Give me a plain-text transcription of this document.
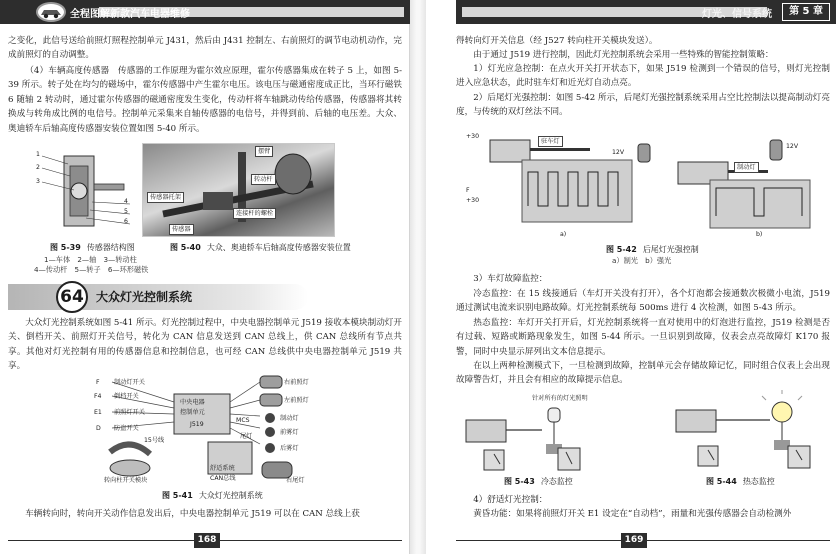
全程图解新款汽车电器维修
之变化，此信号送给前照灯照程控制单元 J431，然后由 J431 控制左、右前照灯的调节电动机动作，完成前照灯的自动调整。
（4）车辆高度传感器　传感器的工作原理为霍尔效应原理，霍尔传感器集成在转子 5 上，如图 5-39 所示。转子处在均匀的磁场中，霍尔传感器中产生霍尔电压。该电压与磁通密度成正比，当环行磁铁 6 随轴 2 转动时，通过霍尔传感器的磁通密度发生变化，传动杆将车轴跳动传给传感器，传感器将其转换成与转角成比例的电信号。控制单元采集来自轴传感器的电信号，并得到前、后轴的电压差。大众、奥迪轿车后轴高度传感器安装位置如图 5-40 所示。
1
2
3
4
5
6
图 5-39 传感器结构图
1—车体　2—轴　3—转动柱
4—传动杆　5—转子　6—环形磁铁
摆臂
转动杆
传感器托架
连接杆的螺栓
传感器
图 5-40 大众、奥迪轿车后轴高度传感器安装位置
64	大众灯光控制系统
大众灯光控制系统如图 5-41 所示。灯光控制过程中，中央电器控制单元 J519 接收本模块制动灯开关、倒档开关、前照灯开关信号，转化为 CAN 信息发送到 CAN 总线上，供 CAN 总线所有节点共享。其他对灯光控制有用的传感器信息和控制信息，也可经 CAN 总线供中央电器控制单元 J519 共享。
F 制动灯开关
F4 倒档开关
E1 前照灯开关
D 防盗开关
15号线
转向柱开关模块
中央电器
控制单元
J519
右前照灯
左前照灯
制动灯
前雾灯
后雾灯
尾灯
MCS
舒适系统
CAN总线	右尾灯
图 5-41 大众灯光控制系统
车辆转向时，转向开关动作信息发出后，中央电器控制单元 J519 可以在 CAN 总线上获
168
灯光、信号系统	第 5 章
得转向灯开关信息（经 J527 转向柱开关模块发送）。
由于通过 J519 进行控制，因此灯光控制系统会采用一些特殊的智能控制策略：
1）灯光应急控制：在点火开关打开状态下，如果 J519 检测到一个错误的信号，则灯光控制进入应急状态，此时驻车灯和近光灯自动点亮。
2）后尾灯光强控制：如图 5-42 所示，后尾灯光强控制系统采用占空比控制法以提高制动灯亮度，与传统的双灯丝法不同。
+30
驻车灯
12V
F
+30
a)
制动灯
12V
b)
图 5-42 后尾灯光强控制
a）制光　b）强光
3）车灯故障监控：
冷态监控：在 15 线接通后（车灯开关没有打开），各个灯泡都会接通数次极微小电流，J519 通过测试电流来识别电路故障。灯光控制系统每 500ms 进行 4 次检测，如图 5-43 所示。
热态监控：车灯开关打开后，灯光控制系统将一直对使用中的灯泡进行监控，J519 检测是否有过载、短路或断路现象发生，如图 5-44 所示。一旦识别到故障，仪表会点亮故障灯 K170 报警，同时中央显示屏列出文本信息提示。
在以上两种检测模式下，一旦检测到故障，控制单元会存储故障记忆，同时组合仪表上会出现故障警告灯，并且会有相应的故障提示信息。
针对所有的灯光照明
图 5-43 冷态监控	图 5-44 热态监控
4）舒适灯光控制：
黄昏功能：如果将前照灯开关 E1 设定在“自动档”，雨量和光强传感器会自动检测外
169
